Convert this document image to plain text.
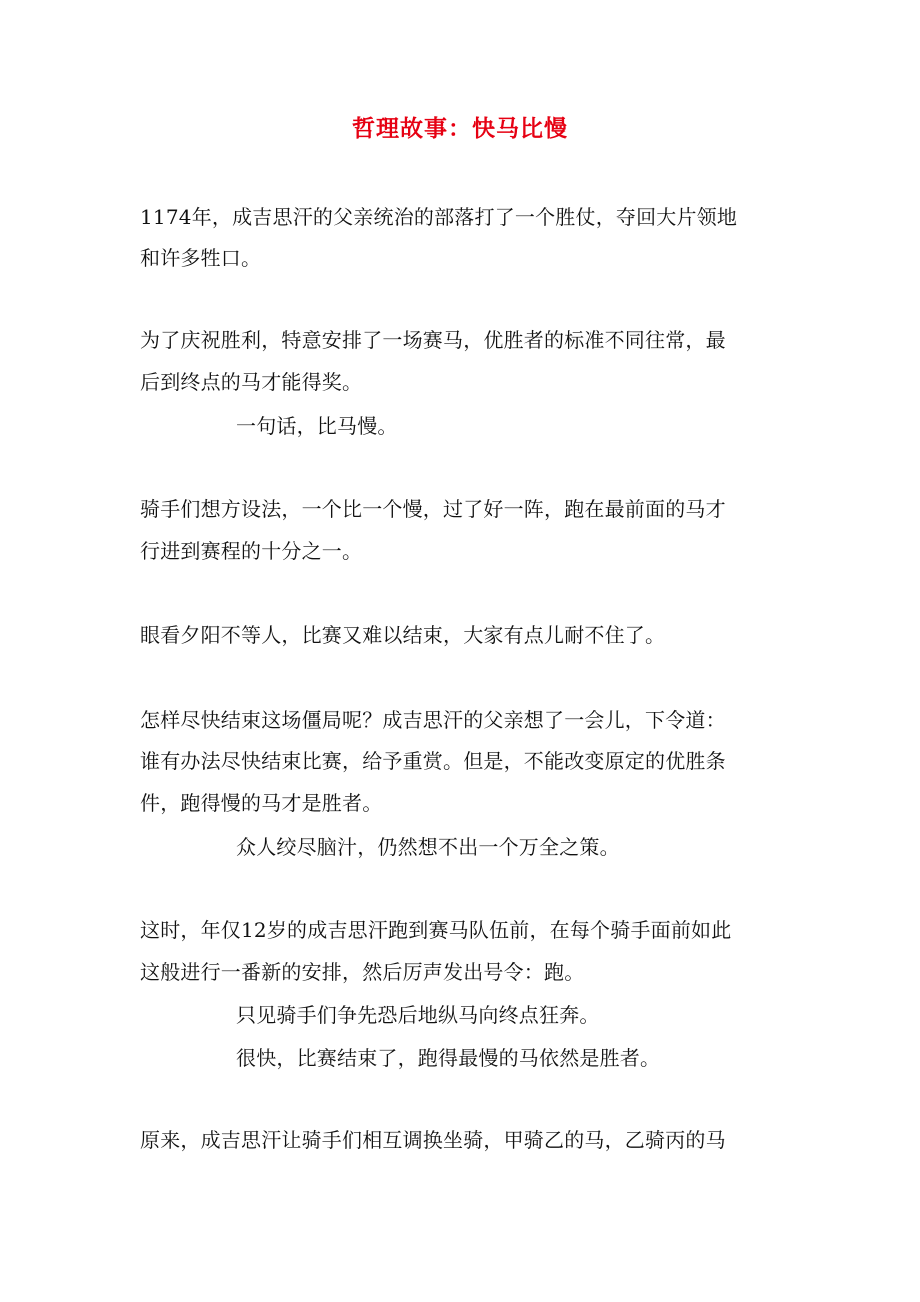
哲理故事：快马比慢
1174年，成吉思汗的父亲统治的部落打了一个胜仗，夺回大片领地
和许多牲口。
为了庆祝胜利，特意安排了一场赛马，优胜者的标准不同往常，最
后到终点的马才能得奖。
一句话，比马慢。
骑手们想方设法，一个比一个慢，过了好一阵，跑在最前面的马才
行进到赛程的十分之一。
眼看夕阳不等人，比赛又难以结束，大家有点儿耐不住了。
怎样尽快结束这场僵局呢？成吉思汗的父亲想了一会儿，下令道：
谁有办法尽快结束比赛，给予重赏。但是，不能改变原定的优胜条
件，跑得慢的马才是胜者。
众人绞尽脑汁，仍然想不出一个万全之策。
这时，年仅12岁的成吉思汗跑到赛马队伍前，在每个骑手面前如此
这般进行一番新的安排，然后厉声发出号令：跑。
只见骑手们争先恐后地纵马向终点狂奔。
很快，比赛结束了，跑得最慢的马依然是胜者。
原来，成吉思汗让骑手们相互调换坐骑，甲骑乙的马，乙骑丙的马
